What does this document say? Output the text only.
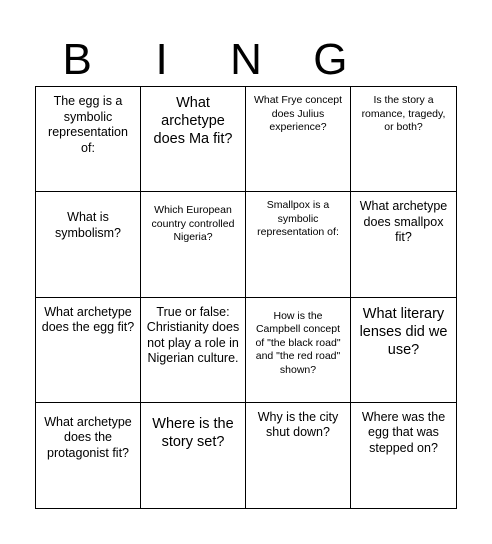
B	I	N	G
The egg is a symbolic representation of:
What archetype does Ma fit?
What Frye concept does Julius experience?
Is the story a romance, tragedy, or both?
What is symbolism?
Which European country controlled Nigeria?
Smallpox is a symbolic representation of:
What archetype does smallpox fit?
What archetype does the egg fit?
True or false: Christianity does not play a role in Nigerian culture.
How is the Campbell concept of "the black road" and "the red road" shown?
What literary lenses did we use?
What archetype does the protagonist fit?
Where is the story set?
Why is the city shut down?
Where was the egg that was stepped on?
